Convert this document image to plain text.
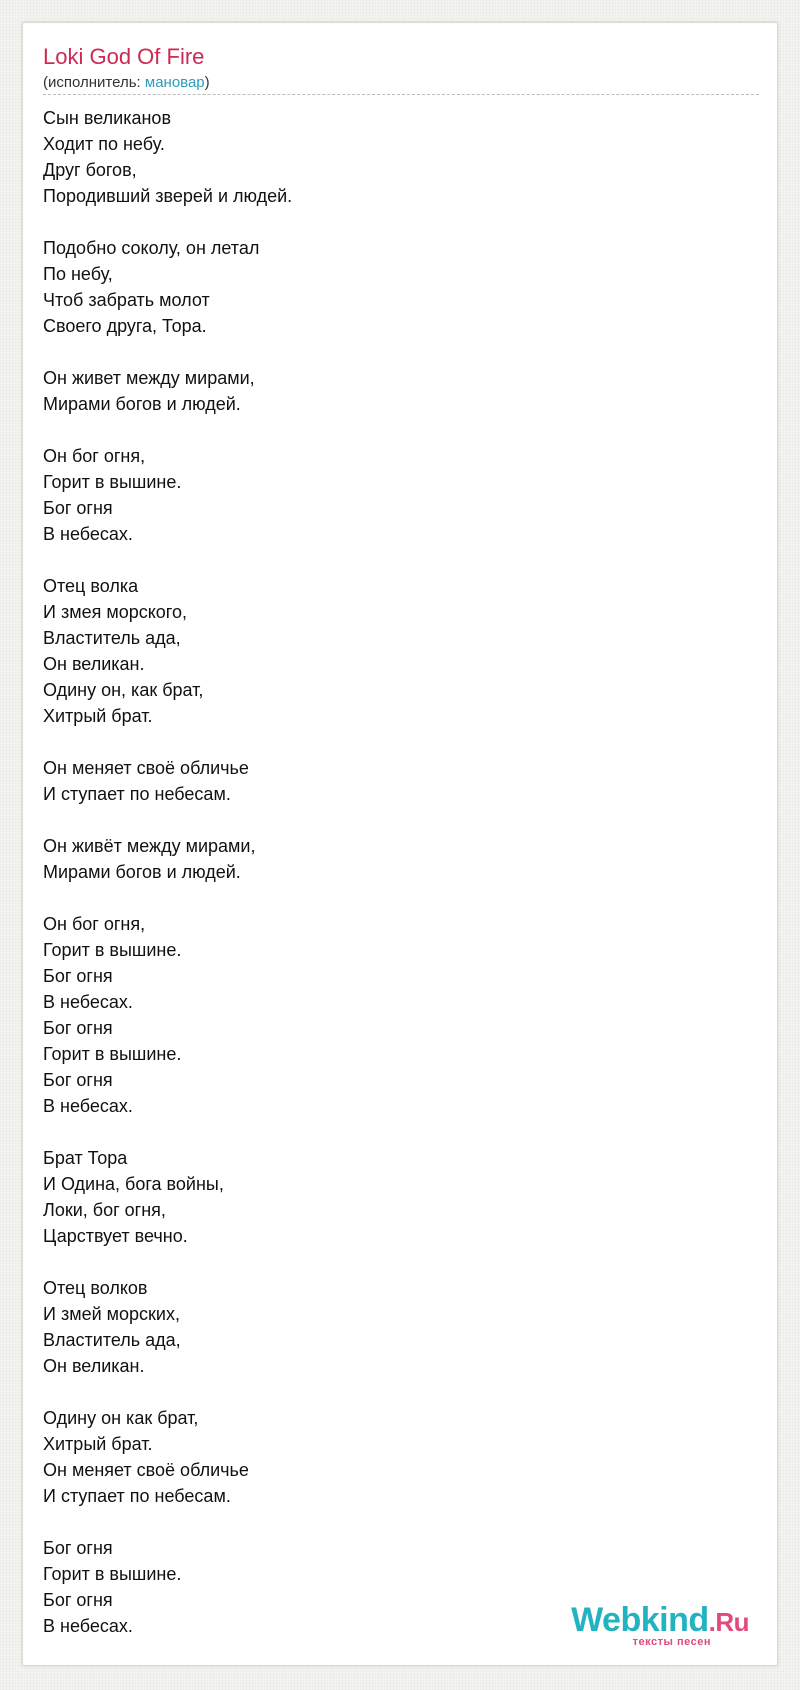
Loki God Of Fire
(исполнитель: мановар)
Сын великанов
Ходит по небу.
Друг богов,
Породивший зверей и людей.
Подобно соколу, он летал
По небу,
Чтоб забрать молот
Своего друга, Тора.
Он живет между мирами,
Мирами богов и людей.
Он бог огня,
Горит в вышине.
Бог огня
В небесах.
Отец волка
И змея морского,
Властитель ада,
Он великан.
Одину он, как брат,
Хитрый брат.
Он меняет своё обличье
И ступает по небесам.
Он живёт между мирами,
Мирами богов и людей.
Он бог огня,
Горит в вышине.
Бог огня
В небесах.
Бог огня
Горит в вышине.
Бог огня
В небесах.
Брат Тора
И Одина, бога войны,
Локи, бог огня,
Царствует вечно.
Отец волков
И змей морских,
Властитель ада,
Он великан.
Одину он как брат,
Хитрый брат.
Он меняет своё обличье
И ступает по небесам.
Бог огня
Горит в вышине.
Бог огня
В небесах.	Webkind.Ru
тексты песен
